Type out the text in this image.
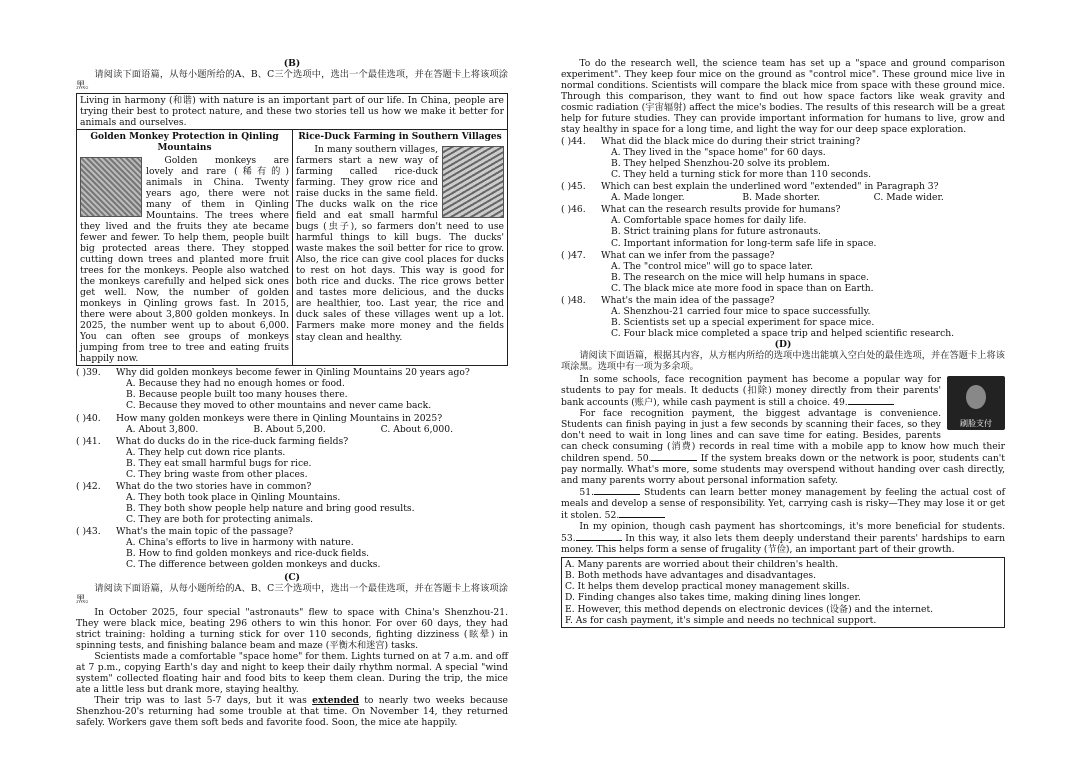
(B)

请阅读下面语篇，从每小题所给的A、B、C三个选项中，选出一个最佳选项，并在答题卡上将该项涂黑。

Living in harmony (和谐) with nature is an important part of our life. In China, people are trying their best to protect nature, and these two stories tell us how we make it better for animals and ourselves.
Golden Monkey Protection in Qinling Mountains

Golden monkeys are lovely and rare (稀有的) animals in China. Twenty years ago, there were not many of them in Qinling Mountains. The trees where they lived and the fruits they ate became fewer and fewer. To help them, people built big protected areas there. They stopped cutting down trees and planted more fruit trees for the monkeys. People also watched the monkeys carefully and helped sick ones get well. Now, the number of golden monkeys in Qinling grows fast. In 2015, there were about 3,800 golden monkeys. In 2025, the number went up to about 6,000. You can often see groups of monkeys jumping from tree to tree and eating fruits happily now.

Rice-Duck Farming in Southern Villages

In many southern villages, farmers start a new way of farming called rice-duck farming. They grow rice and raise ducks in the same field. The ducks walk on the rice field and eat small harmful bugs (虫子), so farmers don't need to use harmful things to kill bugs. The ducks' waste makes the soil better for rice to grow. Also, the rice can give cool places for ducks to rest on hot days. This way is good for both rice and ducks. The rice grows better and tastes more delicious, and the ducks are healthier, too. Last year, the rice and duck sales of these villages went up a lot. Farmers make more money and the fields stay clean and healthy.

( )39. Why did golden monkeys become fewer in Qinling Mountains 20 years ago?
A. Because they had no enough homes or food.
B. Because people built too many houses there.
C. Because they moved to other mountains and never came back.
( )40. How many golden monkeys were there in Qinling Mountains in 2025?
A. About 3,800.	B. About 5,200.	C. About 6,000.
( )41. What do ducks do in the rice-duck farming fields?
A. They help cut down rice plants.
B. They eat small harmful bugs for rice.
C. They bring waste from other places.
( )42. What do the two stories have in common?
A. They both took place in Qinling Mountains.
B. They both show people help nature and bring good results.
C. They are both for protecting animals.
( )43. What's the main topic of the passage?
A. China's efforts to live in harmony with nature.
B. How to find golden monkeys and rice-duck fields.
C. The difference between golden monkeys and ducks.

(C)

请阅读下面语篇，从每小题所给的A、B、C三个选项中，选出一个最佳选项，并在答题卡上将该项涂黑。

In October 2025, four special "astronauts" flew to space with China's Shenzhou-21. They were black mice, beating 296 others to win this honor. For over 60 days, they had strict training: holding a turning stick for over 110 seconds, fighting dizziness (眩晕) in spinning tests, and finishing balance beam and maze (平衡木和迷宫) tasks.

Scientists made a comfortable "space home" for them. Lights turned on at 7 a.m. and off at 7 p.m., copying Earth's day and night to keep their daily rhythm normal. A special "wind system" collected floating hair and food bits to keep them clean. During the trip, the mice ate a little less but drank more, staying healthy.

Their trip was to last 5-7 days, but it was extended to nearly two weeks because Shenzhou-20's returning had some trouble at that time. On November 14, they returned safely. Workers gave them soft beds and favorite food. Soon, the mice ate happily.

To do the research well, the science team has set up a "space and ground comparison experiment". They keep four mice on the ground as "control mice". These ground mice live in normal conditions. Scientists will compare the black mice from space with these ground mice. Through this comparison, they want to find out how space factors like weak gravity and cosmic radiation (宇宙辐射) affect the mice's bodies. The results of this research will be a great help for future studies. They can provide important information for humans to live, grow and stay healthy in space for a long time, and light the way for our deep space exploration.

( )44. What did the black mice do during their strict training?
A. They lived in the "space home" for 60 days.
B. They helped Shenzhou-20 solve its problem.
C. They held a turning stick for more than 110 seconds.
( )45. Which can best explain the underlined word "extended" in Paragraph 3?
A. Made longer.	B. Made shorter.	C. Made wider.
( )46. What can the research results provide for humans?
A. Comfortable space homes for daily life.
B. Strict training plans for future astronauts.
C. Important information for long-term safe life in space.
( )47. What can we infer from the passage?
A. The "control mice" will go to space later.
B. The research on the mice will help humans in space.
C. The black mice ate more food in space than on Earth.
( )48. What's the main idea of the passage?
A. Shenzhou-21 carried four mice to space successfully.
B. Scientists set up a special experiment for space mice.
C. Four black mice completed a space trip and helped scientific research.

(D)

请阅读下面语篇，根据其内容，从方框内所给的选项中选出能填入空白处的最佳选项，并在答题卡上将该项涂黑。选项中有一项为多余项。

刷脸支付

In some schools, face recognition payment has become a popular way for students to pay for meals. It deducts (扣除) money directly from their parents' bank accounts (账户), while cash payment is still a choice. 49.

For face recognition payment, the biggest advantage is convenience. Students can finish paying in just a few seconds by scanning their faces, so they don't need to wait in long lines and can save time for eating. Besides, parents can check consuming (消费) records in real time with a mobile app to know how much their children spend. 50.	If the system breaks down or the network is poor, students can't pay normally. What's more, some students may overspend without handing over cash directly, and many parents worry about personal information safety.

51.	Students can learn better money management by feeling the actual cost of meals and develop a sense of responsibility. Yet, carrying cash is risky—They may lose it or get it stolen. 52.

In my opinion, though cash payment has shortcomings, it's more beneficial for students. 53.	In this way, it also lets them deeply understand their parents' hardships to earn money. This helps form a sense of frugality (节俭), an important part of their growth.

A. Many parents are worried about their children's health.

B. Both methods have advantages and disadvantages.

C. It helps them develop practical money management skills.

D. Finding changes also takes time, making dining lines longer.

E. However, this method depends on electronic devices (设备) and the internet.

F. As for cash payment, it's simple and needs no technical support.
